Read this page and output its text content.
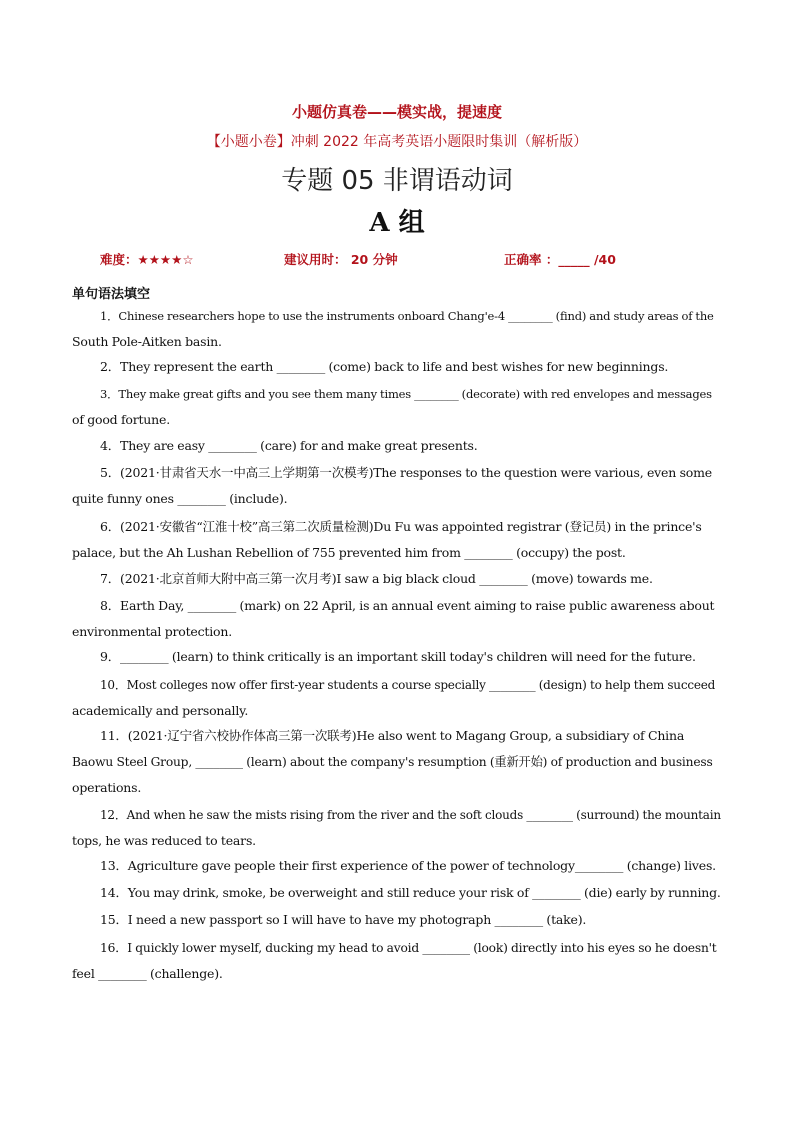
小题仿真卷——模实战，提速度
【小题小卷】冲刺 2022 年高考英语小题限时集训（解析版）
专题 05 非谓语动词
A 组
难度：★★★★☆	建议用时： 20 分钟	正确率 ：_____ /40
单句语法填空
1．Chinese researchers hope to use the instruments onboard Chang'e-4 ________ (find) and study areas of the
South Pole-Aitken basin.
2．They represent the earth ________ (come) back to life and best wishes for new beginnings.
3．They make great gifts and you see them many times ________ (decorate) with red envelopes and messages
of good fortune.
4．They are easy ________ (care) for and make great presents.
5．(2021·甘肃省天水一中高三上学期第一次模考)The responses to the question were various, even some
quite funny ones ________ (include).
6．(2021·安徽省“江淮十校”高三第二次质量检测)Du Fu was appointed registrar (登记员) in the prince's
palace, but the Ah Lushan Rebellion of 755 prevented him from ________ (occupy) the post.
7．(2021·北京首师大附中高三第一次月考)I saw a big black cloud ________ (move) towards me.
8．Earth Day, ________ (mark) on 22 April, is an annual event aiming to raise public awareness about
environmental protection.
9．________ (learn) to think critically is an important skill today's children will need for the future.
10．Most colleges now offer first-year students a course specially ________ (design) to help them succeed
academically and personally.
11．(2021·辽宁省六校协作体高三第一次联考)He also went to Magang Group, a subsidiary of China
Baowu Steel Group, ________ (learn) about the company's resumption (重新开始) of production and business
operations.
12．And when he saw the mists rising from the river and the soft clouds ________ (surround) the mountain
tops, he was reduced to tears.
13．Agriculture gave people their first experience of the power of technology________ (change) lives.
14．You may drink, smoke, be overweight and still reduce your risk of ________ (die) early by running.
15．I need a new passport so I will have to have my photograph ________ (take).
16．I quickly lower myself, ducking my head to avoid ________ (look) directly into his eyes so he doesn't
feel ________ (challenge).
